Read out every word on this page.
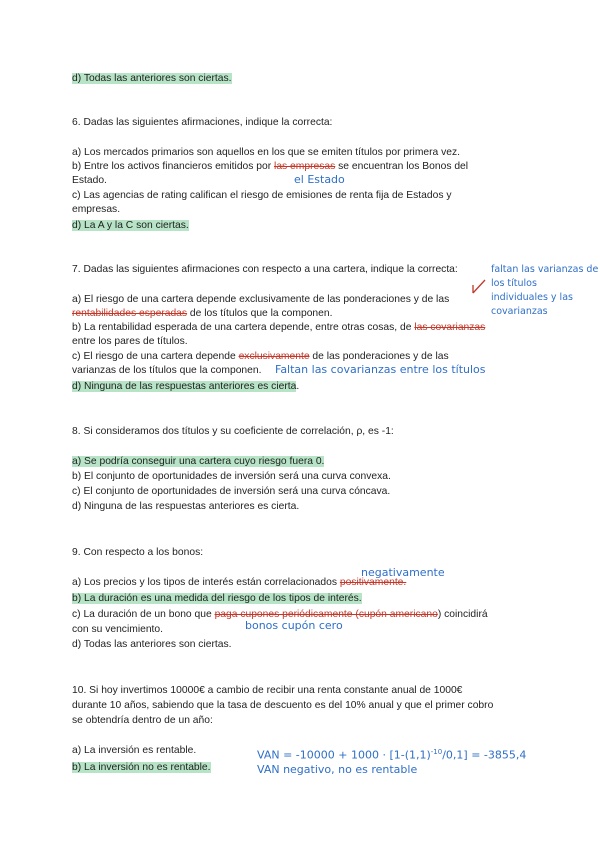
d) Todas las anteriores son ciertas.
6. Dadas las siguientes afirmaciones, indique la correcta:
a) Los mercados primarios son aquellos en los que se emiten títulos por primera vez.
b) Entre los activos financieros emitidos por las empresas se encuentran los Bonos del
Estado.	el Estado
c) Las agencias de rating califican el riesgo de emisiones de renta fija de Estados y
empresas.
d) La A y la C son ciertas.
7. Dadas las siguientes afirmaciones con respecto a una cartera, indique la correcta:	faltan las varianzas de
los títulos
individuales y las
covarianzas
a) El riesgo de una cartera depende exclusivamente de las ponderaciones y de las
rentabilidades esperadas de los títulos que la componen.
b) La rentabilidad esperada de una cartera depende, entre otras cosas, de las covarianzas
entre los pares de títulos.
c) El riesgo de una cartera depende exclusivamente de las ponderaciones y de las
varianzas de los títulos que la componen. Faltan las covarianzas entre los títulos
d) Ninguna de las respuestas anteriores es cierta.
8. Si consideramos dos títulos y su coeficiente de correlación, ρ, es -1:
a) Se podría conseguir una cartera cuyo riesgo fuera 0.
b) El conjunto de oportunidades de inversión será una curva convexa.
c) El conjunto de oportunidades de inversión será una curva cóncava.
d) Ninguna de las respuestas anteriores es cierta.
9. Con respecto a los bonos:
negativamente
a) Los precios y los tipos de interés están correlacionados positivamente.
b) La duración es una medida del riesgo de los tipos de interés.
c) La duración de un bono que paga cupones periódicamente (cupón americano) coincidirá
bonos cupón cero
con su vencimiento.
d) Todas las anteriores son ciertas.
10. Si hoy invertimos 10000€ a cambio de recibir una renta constante anual de 1000€
durante 10 años, sabiendo que la tasa de descuento es del 10% anual y que el primer cobro
se obtendría dentro de un año:
a) La inversión es rentable.
b) La inversión no es rentable.
VAN = $-10000 + 1000 \cdot [1-(1,1)^{-10}/0,1] = -3855,4$
VAN negativo, no es rentable
